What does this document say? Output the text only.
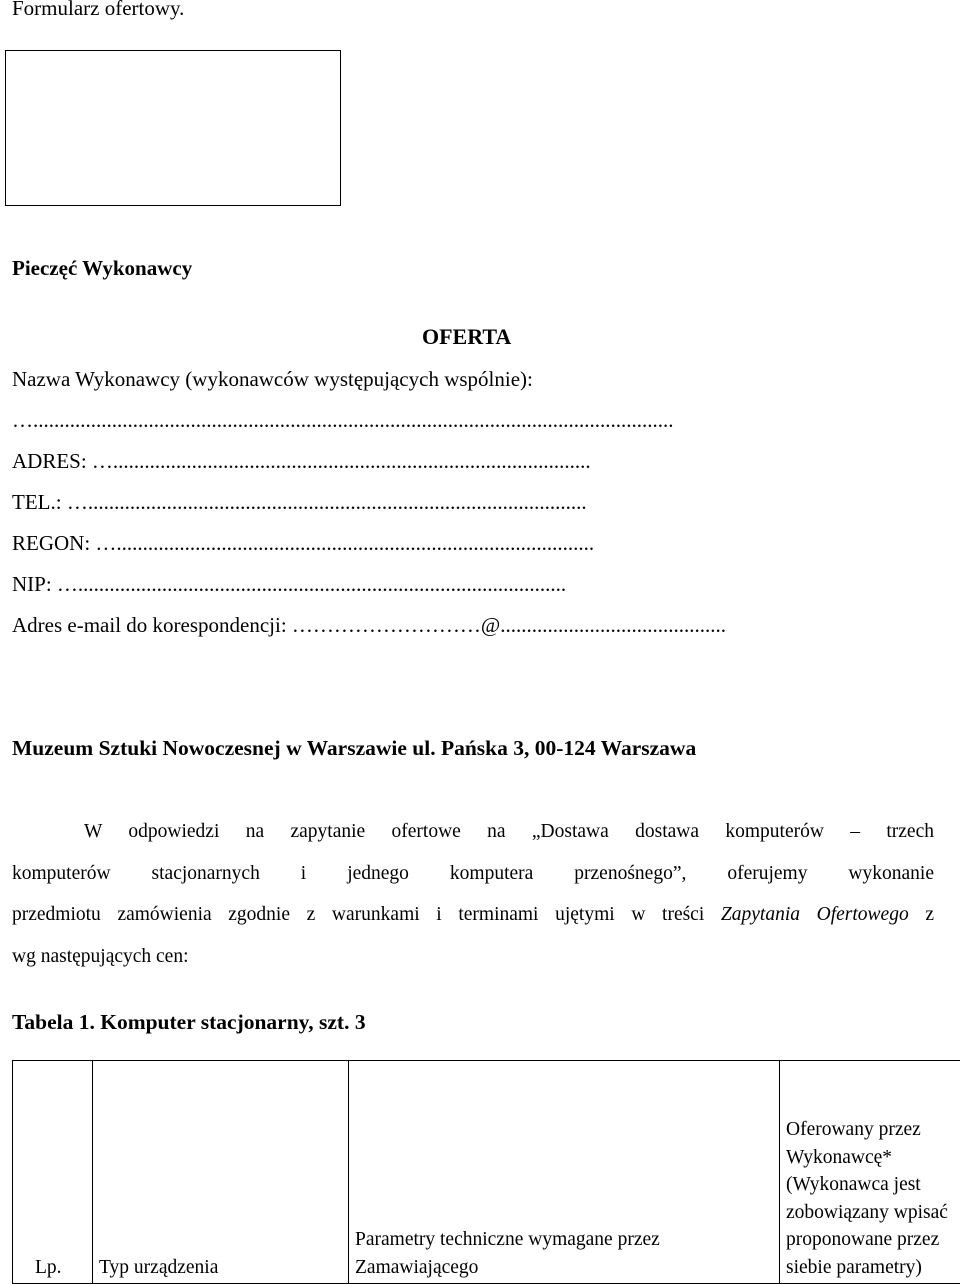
Formularz ofertowy.
Pieczęć Wykonawcy
OFERTA
Nazwa Wykonawcy (wykonawców występujących wspólnie):
…..........................................................................................................................
ADRES: …...........................................................................................
TEL.: …...............................................................................................
REGON: …...........................................................................................
NIP: ….............................................................................................
Adres e-mail do korespondencji: ………………………@...........................................
Muzeum Sztuki Nowoczesnej w Warszawie ul. Pańska 3, 00-124 Warszawa
W odpowiedzi na zapytanie ofertowe na „Dostawa dostawa komputerów – trzech
komputerów stacjonarnych i jednego komputera przenośnego”, oferujemy wykonanie
przedmiotu zamówienia zgodnie z warunkami i terminami ujętymi w treści Zapytania Ofertowego z
wg następujących cen:
Tabela 1. Komputer stacjonarny, szt. 3
Lp.	Typ urządzenia	Parametry techniczne wymagane przez Zamawiającego	Oferowany przez Wykonawcę* (Wykonawca jest zobowiązany wpisać proponowane przez siebie parametry)
